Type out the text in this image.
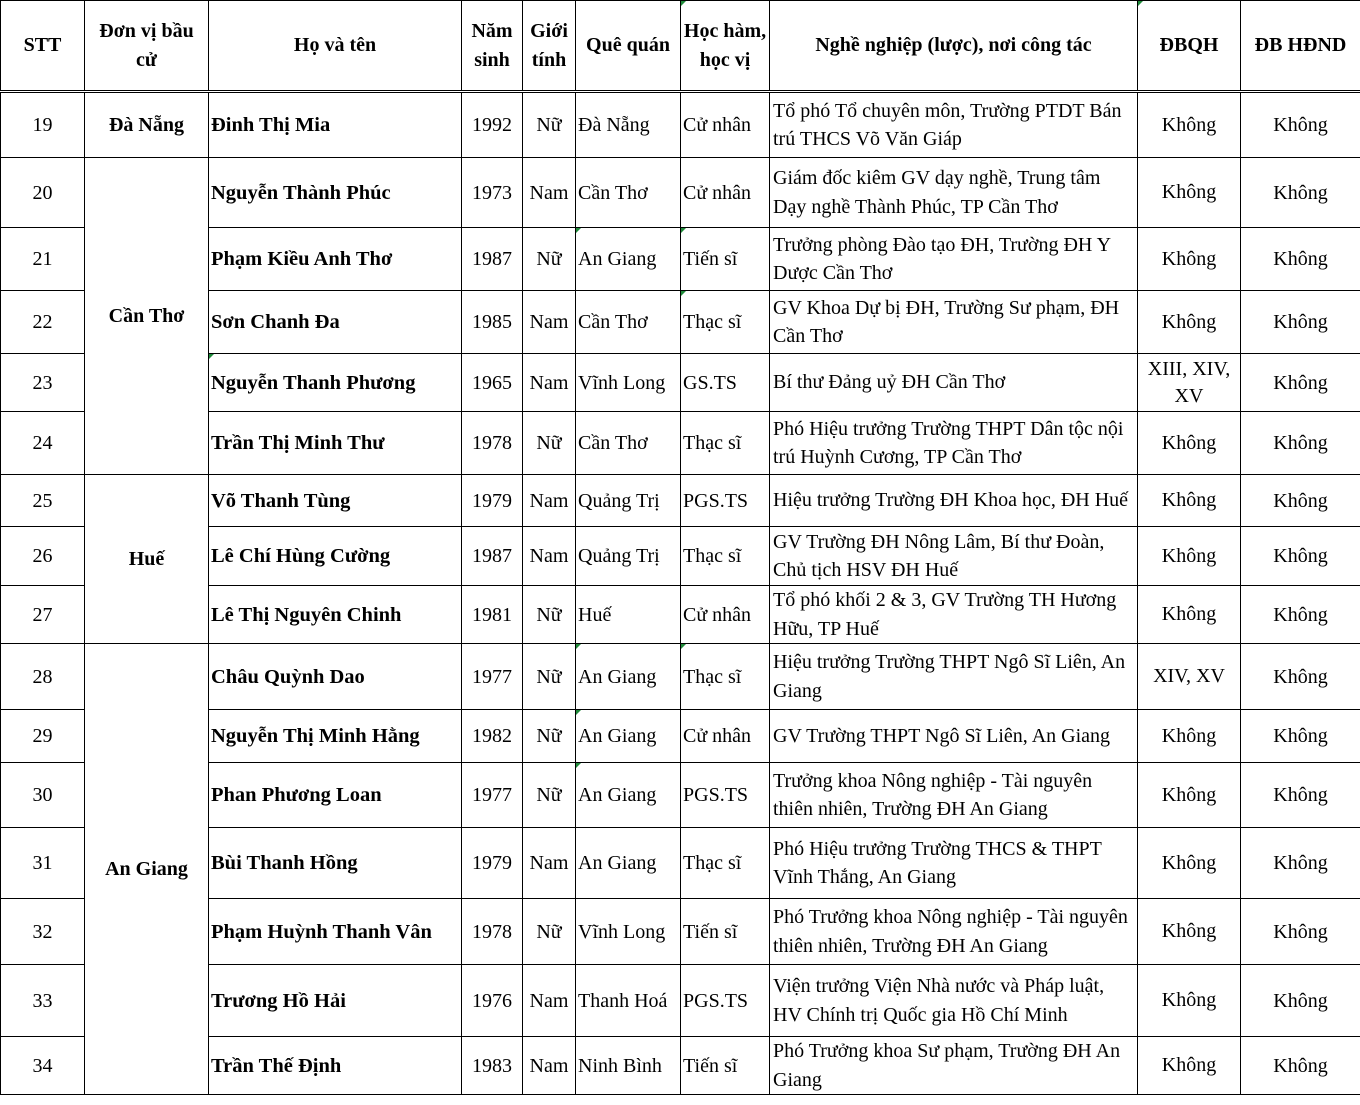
STT	Đơn vị bầu cử	Họ và tên	Năm sinh	Giới tính	Quê quán	Học hàm, học vị	Nghề nghiệp (lược), nơi công tác	ĐBQH	ĐB HĐND
19	Đà Nẵng	Đinh Thị Mia	1992	Nữ	Đà Nẵng	Cử nhân	Tổ phó Tổ chuyên môn, Trường PTDT Bán trú THCS Võ Văn Giáp	Không	Không
20	Cần Thơ	Nguyễn Thành Phúc	1973	Nam	Cần Thơ	Cử nhân	Giám đốc kiêm GV dạy nghề, Trung tâm Dạy nghề Thành Phúc, TP Cần Thơ	Không	Không
21		Phạm Kiều Anh Thơ	1987	Nữ	An Giang	Tiến sĩ	Trưởng phòng Đào tạo ĐH, Trường ĐH Y Dược Cần Thơ	Không	Không
22		Sơn Chanh Đa	1985	Nam	Cần Thơ	Thạc sĩ	GV Khoa Dự bị ĐH, Trường Sư phạm, ĐH Cần Thơ	Không	Không
23		Nguyễn Thanh Phương	1965	Nam	Vĩnh Long	GS.TS	Bí thư Đảng uỷ ĐH Cần Thơ	XIII, XIV, XV	Không
24		Trần Thị Minh Thư	1978	Nữ	Cần Thơ	Thạc sĩ	Phó Hiệu trưởng Trường THPT Dân tộc nội trú Huỳnh Cương, TP Cần Thơ	Không	Không
25	Huế	Võ Thanh Tùng	1979	Nam	Quảng Trị	PGS.TS	Hiệu trưởng Trường ĐH Khoa học, ĐH Huế	Không	Không
26		Lê Chí Hùng Cường	1987	Nam	Quảng Trị	Thạc sĩ	GV Trường ĐH Nông Lâm, Bí thư Đoàn, Chủ tịch HSV ĐH Huế	Không	Không
27		Lê Thị Nguyên Chinh	1981	Nữ	Huế	Cử nhân	Tổ phó khối 2 & 3, GV Trường TH Hương Hữu, TP Huế	Không	Không
28	An Giang	Châu Quỳnh Dao	1977	Nữ	An Giang	Thạc sĩ	Hiệu trưởng Trường THPT Ngô Sĩ Liên, An Giang	XIV, XV	Không
29		Nguyễn Thị Minh Hằng	1982	Nữ	An Giang	Cử nhân	GV Trường THPT Ngô Sĩ Liên, An Giang	Không	Không
30		Phan Phương Loan	1977	Nữ	An Giang	PGS.TS	Trưởng khoa Nông nghiệp - Tài nguyên thiên nhiên, Trường ĐH An Giang	Không	Không
31		Bùi Thanh Hồng	1979	Nam	An Giang	Thạc sĩ	Phó Hiệu trưởng Trường THCS & THPT Vĩnh Thắng, An Giang	Không	Không
32		Phạm Huỳnh Thanh Vân	1978	Nữ	Vĩnh Long	Tiến sĩ	Phó Trưởng khoa Nông nghiệp - Tài nguyên thiên nhiên, Trường ĐH An Giang	Không	Không
33		Trương Hồ Hải	1976	Nam	Thanh Hoá	PGS.TS	Viện trưởng Viện Nhà nước và Pháp luật, HV Chính trị Quốc gia Hồ Chí Minh	Không	Không
34		Trần Thế Định	1983	Nam	Ninh Bình	Tiến sĩ	Phó Trưởng khoa Sư phạm, Trường ĐH An Giang	Không	Không
